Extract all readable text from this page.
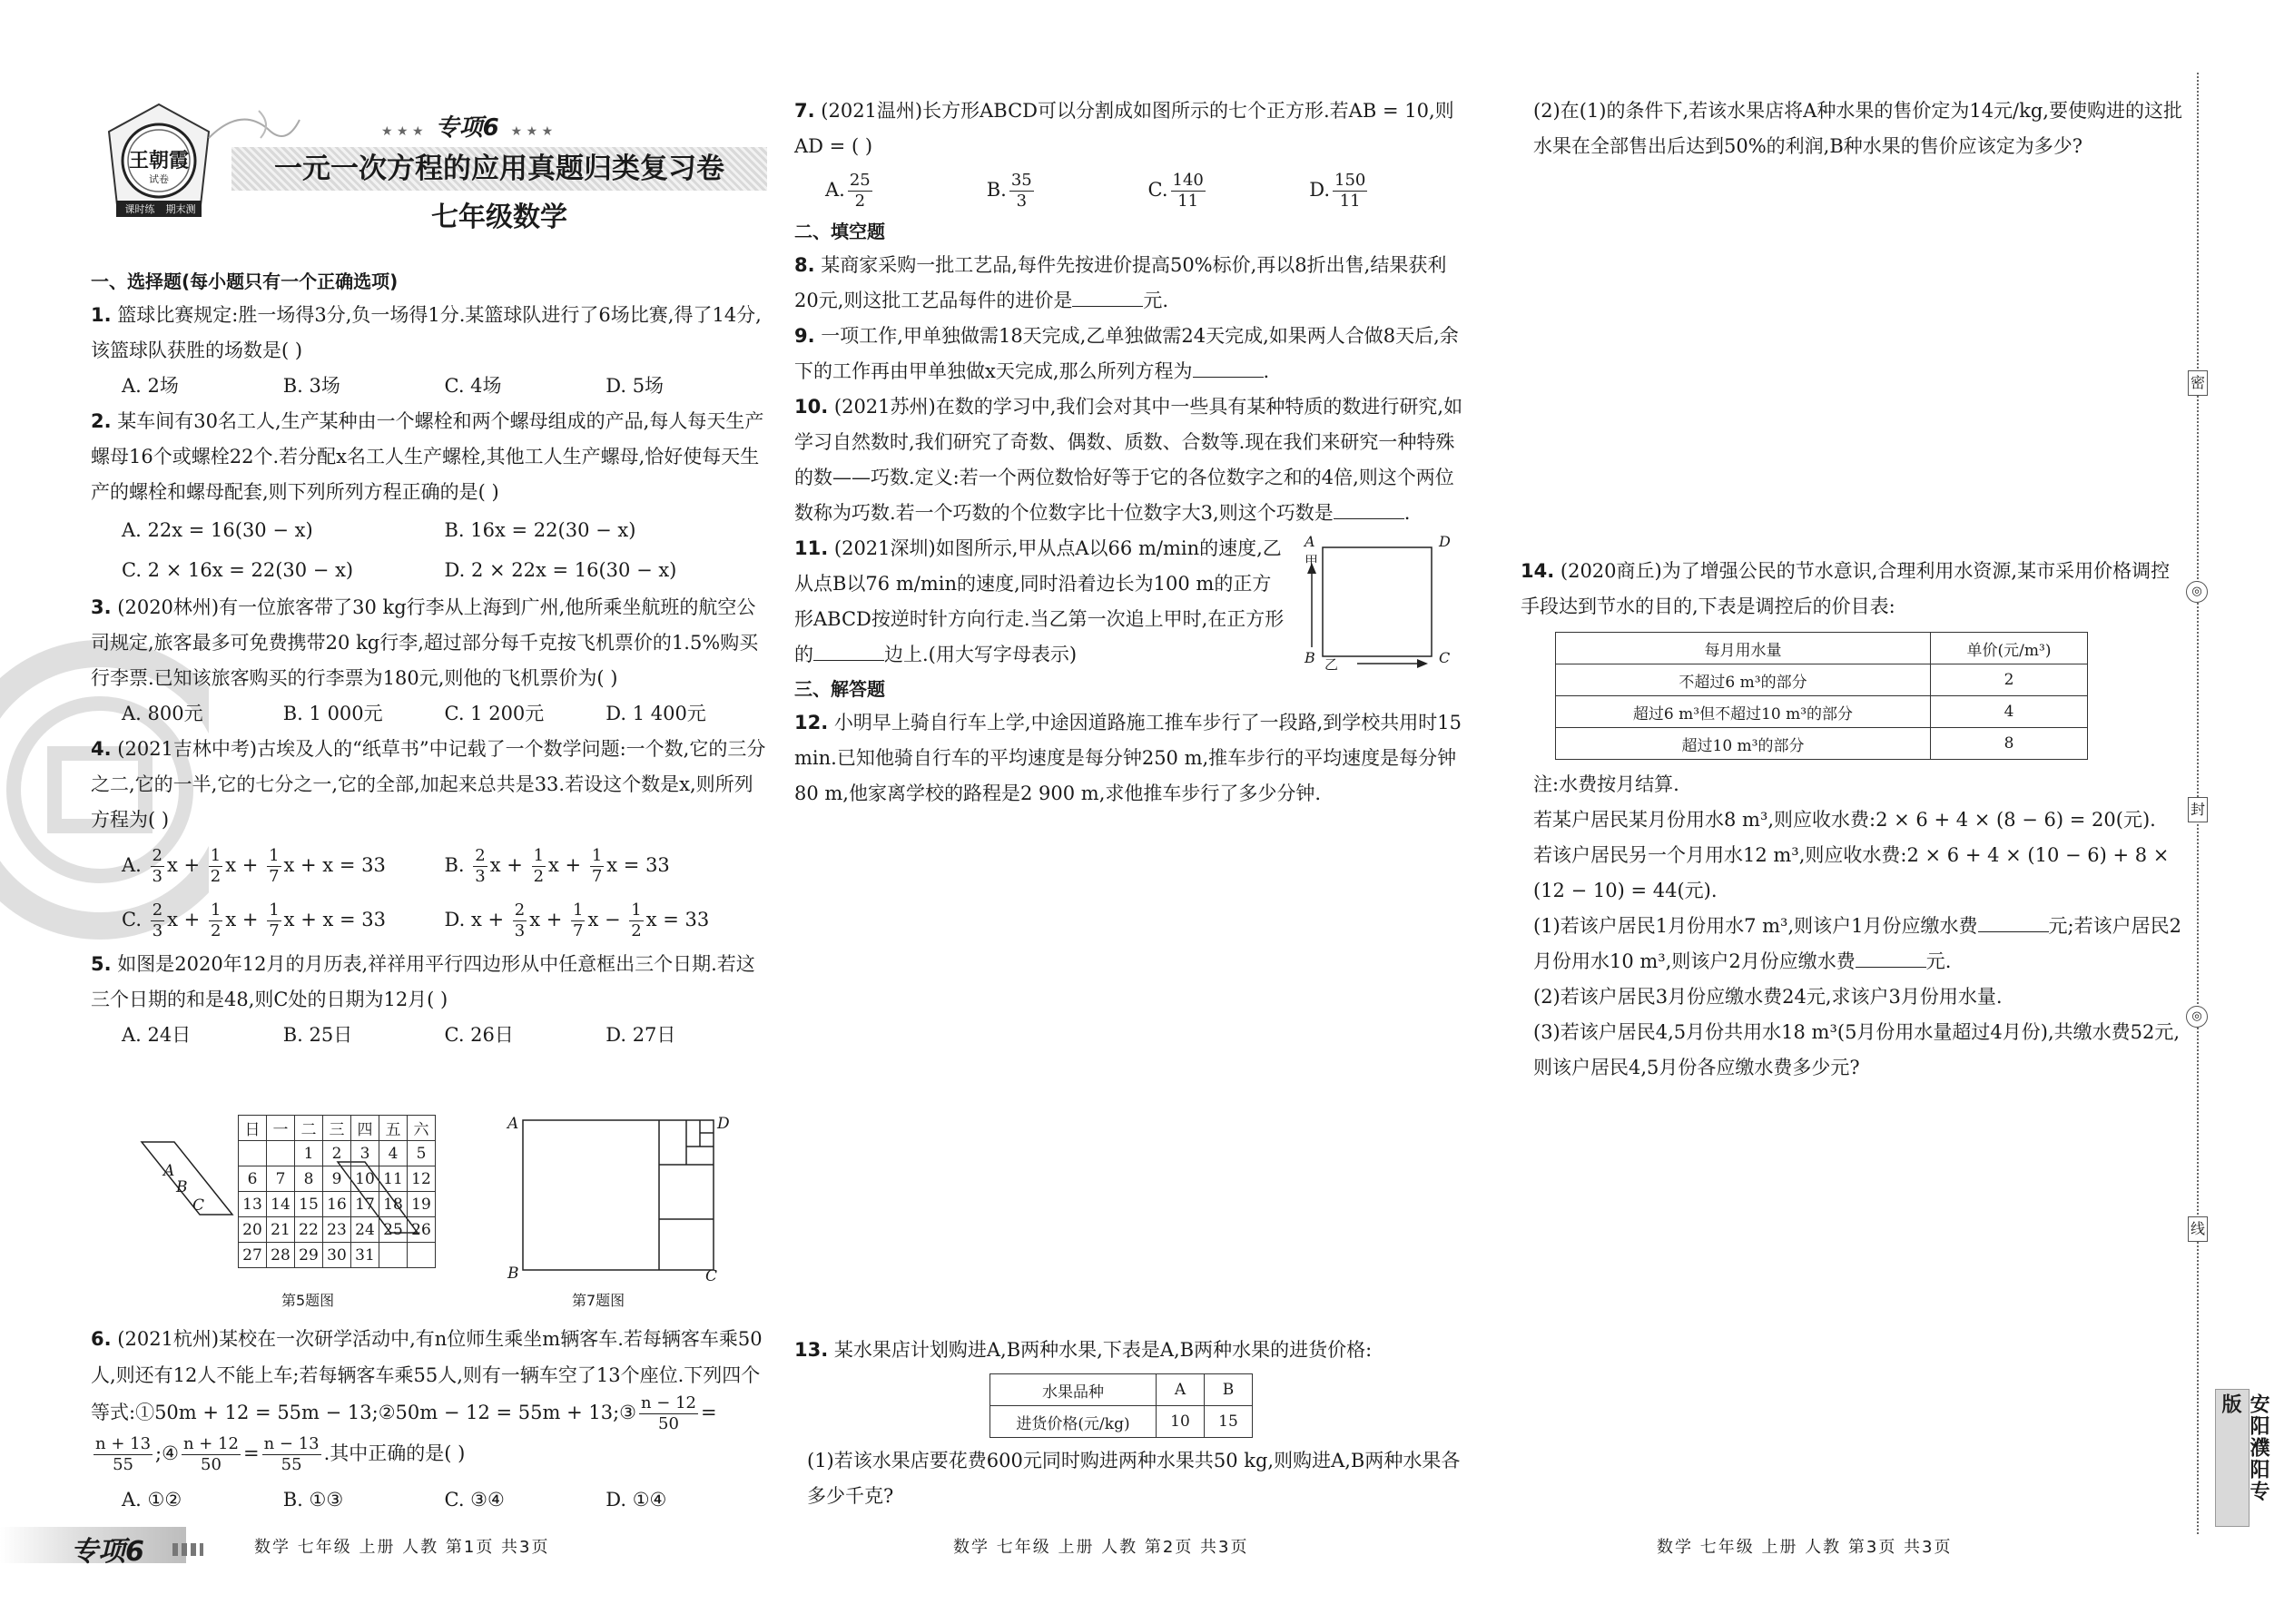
王朝霞
试卷
课时练	期末测
★ ★ ★ 专项6 ★ ★ ★
一元一次方程的应用真题归类复习卷
七年级数学
一、选择题(每小题只有一个正确选项)

1. 篮球比赛规定:胜一场得3分,负一场得1分.某篮球队进行了6场比赛,得了14分,该篮球队获胜的场数是( )

A. 2场	B. 3场	C. 4场	D. 5场

2. 某车间有30名工人,生产某种由一个螺栓和两个螺母组成的产品,每人每天生产螺母16个或螺栓22个.若分配x名工人生产螺栓,其他工人生产螺母,恰好使每天生产的螺栓和螺母配套,则下列所列方程正确的是( )

A. 22x = 16(30 − x)	B. 16x = 22(30 − x)
C. 2 × 16x = 22(30 − x)	D. 2 × 22x = 16(30 − x)

3. (2020林州)有一位旅客带了30 kg行李从上海到广州,他所乘坐航班的航空公司规定,旅客最多可免费携带20 kg行李,超过部分每千克按飞机票价的1.5%购买行李票.已知该旅客购买的行李票为180元,则他的飞机票价为( )

A. 800元	B. 1 000元	C. 1 200元	D. 1 400元

4. (2021吉林中考)古埃及人的“纸草书”中记载了一个数学问题:一个数,它的三分之二,它的一半,它的七分之一,它的全部,加起来总共是33.若设这个数是x,则所列方程为( )

A. $\frac{2}{3}$ $x + \frac{1}{2}$ $x + \frac{1}{7}$ x + x = 33	B. $\frac{2}{3}$ $x + \frac{1}{2}$ $x + \frac{1}{7}$ x = 33
C. $\frac{2}{3}$ $x + \frac{1}{2}$ $x + \frac{1}{7}$ x + x = 33	D. $x + \frac{2}{3}$ $x + \frac{1}{7}$ $x - \frac{1}{2}$ x = 33

5. 如图是2020年12月的月历表,祥祥用平行四边形从中任意框出三个日期.若这三个日期的和是48,则C处的日期为12月( )

A. 24日	B. 25日	C. 26日	D. 27日
日	一	二	三	四	五	六
		1	2	3	4	5
6	7	8	9	10	11	12
13	14	15	16	17	18	19
20	21	22	23	24	25	26
27	28	29	30	31		
A
B
C
第5题图
A	D
B	C
第7题图

6. (2021杭州)某校在一次研学活动中,有n位师生乘坐m辆客车.若每辆客车乘50人,则还有12人不能上车;若每辆客车乘55人,则有一辆车空了13个座位.下列四个等式:①50m + 12 = 55m − 13;②50m − 12 = 55m + 13;③ $\frac{n - 12}{50}$ =
$\frac{n + 13}{55}$ ;④ $\frac{n + 12}{50} = \frac{n - 13}{55}$ .其中正确的是( )

A. ①②	B. ①③	C. ③④	D. ①④

7. (2021温州)长方形ABCD可以分割成如图所示的七个正方形.若AB = 10,则AD = ( )

A. $\frac{25}{2}$	B. $\frac{35}{3}$	C. $\frac{140}{11}$	D. $\frac{150}{11}$
二、填空题

8. 某商家采购一批工艺品,每件先按进价提高50%标价,再以8折出售,结果获利20元,则这批工艺品每件的进价是	元.

9. 一项工作,甲单独做需18天完成,乙单独做需24天完成,如果两人合做8天后,余下的工作再由甲单独做x天完成,那么所列方程为	.

10. (2021苏州)在数的学习中,我们会对其中一些具有某种特质的数进行研究,如学习自然数时,我们研究了奇数、偶数、质数、合数等.现在我们来研究一种特殊的数——巧数.定义:若一个两位数恰好等于它的各位数字之和的4倍,则这个两位数称为巧数.若一个巧数的个位数字比十位数字大3,则这个巧数是	.

11. (2021深圳)如图所示,甲从点A以66 m/min的速度,乙从点B以76 m/min的速度,同时沿着边长为100 m的正方形ABCD按逆时针方向行走.当乙第一次追上甲时,在正方形的	边上.(用大写字母表示)

A	D
B	C
甲
乙
三、解答题

12. 小明早上骑自行车上学,中途因道路施工推车步行了一段路,到学校共用时15 min.已知他骑自行车的平均速度是每分钟250 m,推车步行的平均速度是每分钟80 m,他家离学校的路程是2 900 m,求他推车步行了多少分钟.

13. 某水果店计划购进A,B两种水果,下表是A,B两种水果的进货价格:

水果品种	A	B
进货价格(元/kg)	10	15

(1)若该水果店要花费600元同时购进两种水果共50 kg,则购进A,B两种水果各多少千克?

(2)在(1)的条件下,若该水果店将A种水果的售价定为14元/kg,要使购进的这批水果在全部售出后达到50%的利润,B种水果的售价应该定为多少?

14. (2020商丘)为了增强公民的节水意识,合理利用水资源,某市采用价格调控手段达到节水的目的,下表是调控后的价目表:

每月用水量	单价(元/m³)
不超过6 m³的部分	2
超过6 m³但不超过10 m³的部分	4
超过10 m³的部分	8

注:水费按月结算.

若某户居民某月份用水8 m³,则应收水费:2 × 6 + 4 × (8 − 6) = 20(元).

若该户居民另一个月用水12 m³,则应收水费:2 × 6 + 4 × (10 − 6) + 8 × (12 − 10) = 44(元).

(1)若该户居民1月份用水7 m³,则该户1月份应缴水费	元;若该户居民2月份用水10 m³,则该户2月份应缴水费	元.

(2)若该户居民3月份应缴水费24元,求该户3月份用水量.

(3)若该户居民4,5月份共用水18 m³(5月份用水量超过4月份),共缴水费52元,则该户居民4,5月份各应缴水费多少元?

密
◎
封
◎
线
安阳濮阳专版
专项6	数学 七年级 上册 人教 第1页 共3页	数学 七年级 上册 人教 第2页 共3页	数学 七年级 上册 人教 第3页 共3页
